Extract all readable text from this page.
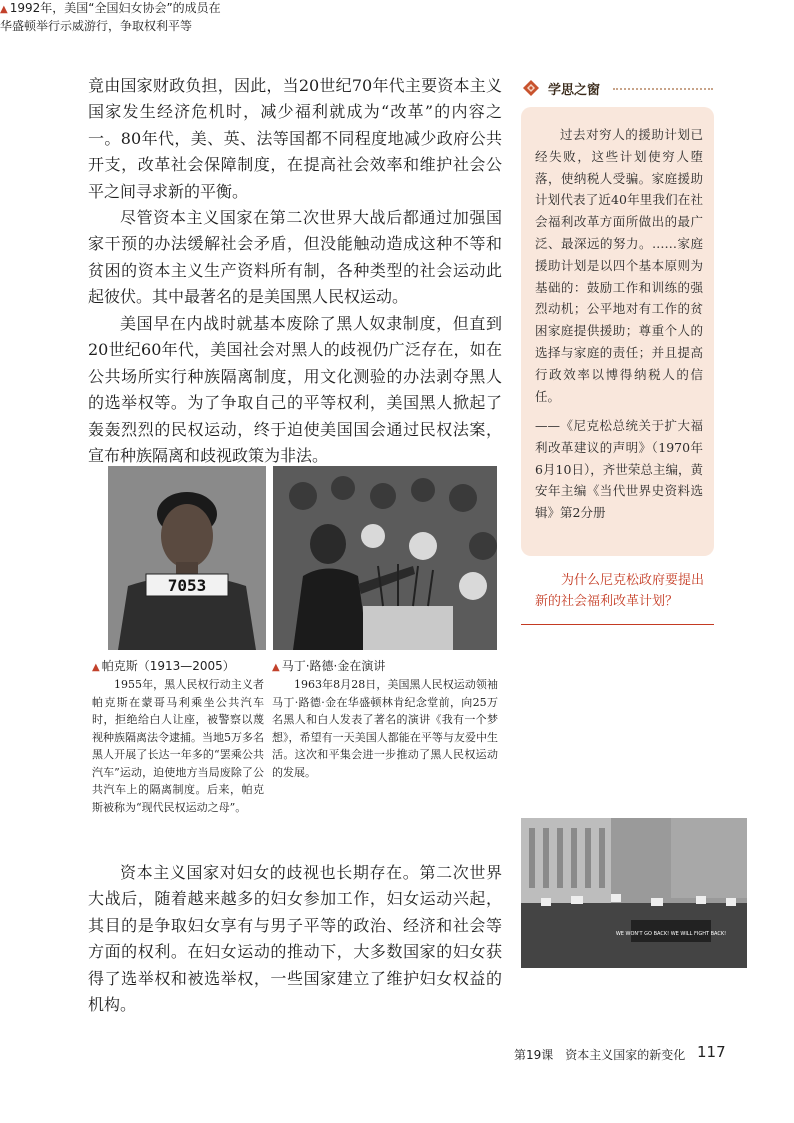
竟由国家财政负担，因此，当20世纪70年代主要资本主义国家发生经济危机时，减少福利就成为“改革”的内容之一。80年代，美、英、法等国都不同程度地减少政府公共开支，改革社会保障制度，在提高社会效率和维护社会公平之间寻求新的平衡。

尽管资本主义国家在第二次世界大战后都通过加强国家干预的办法缓解社会矛盾，但没能触动造成这种不等和贫困的资本主义生产资料所有制，各种类型的社会运动此起彼伏。其中最著名的是美国黑人民权运动。

美国早在内战时就基本废除了黑人奴隶制度，但直到20世纪60年代，美国社会对黑人的歧视仍广泛存在，如在公共场所实行种族隔离制度，用文化测验的办法剥夺黑人的选举权等。为了争取自己的平等权利，美国黑人掀起了轰轰烈烈的民权运动，终于迫使美国国会通过民权法案，宣布种族隔离和歧视政策为非法。

7053
▲ 帕克斯（1913—2005）

1955年，黑人民权行动主义者帕克斯在蒙哥马利乘坐公共汽车时，拒绝给白人让座，被警察以蔑视种族隔离法令逮捕。当地5万多名黑人开展了长达一年多的“罢乘公共汽车”运动，迫使地方当局废除了公共汽车上的隔离制度。后来，帕克斯被称为“现代民权运动之母”。

▲ 马丁·路德·金在演讲

1963年8月28日，美国黑人民权运动领袖马丁·路德·金在华盛顿林肯纪念堂前，向25万名黑人和白人发表了著名的演讲《我有一个梦想》，希望有一天美国人都能在平等与友爱中生活。这次和平集会进一步推动了黑人民权运动的发展。

资本主义国家对妇女的歧视也长期存在。第二次世界大战后，随着越来越多的妇女参加工作，妇女运动兴起，其目的是争取妇女享有与男子平等的政治、经济和社会等方面的权利。在妇女运动的推动下，大多数国家的妇女获得了选举权和被选举权，一些国家建立了维护妇女权益的机构。

学思之窗

过去对穷人的援助计划已经失败，这些计划使穷人堕落，使纳税人受骗。家庭援助计划代表了近40年里我们在社会福利改革方面所做出的最广泛、最深远的努力。……家庭援助计划是以四个基本原则为基础的：鼓励工作和训练的强烈动机；公平地对有工作的贫困家庭提供援助；尊重个人的选择与家庭的责任；并且提高行政效率以博得纳税人的信任。

——《尼克松总统关于扩大福利改革建议的声明》（1970年6月10日），齐世荣总主编，黄安年主编《当代世界史资料选辑》第2分册

为什么尼克松政府要提出新的社会福利改革计划？

WE WON'T GO BACK! WE WILL FIGHT BACK!

▲ 1992年，美国“全国妇女协会”的成员在华盛顿举行示威游行，争取权利平等

第19课　资本主义国家的新变化 117
